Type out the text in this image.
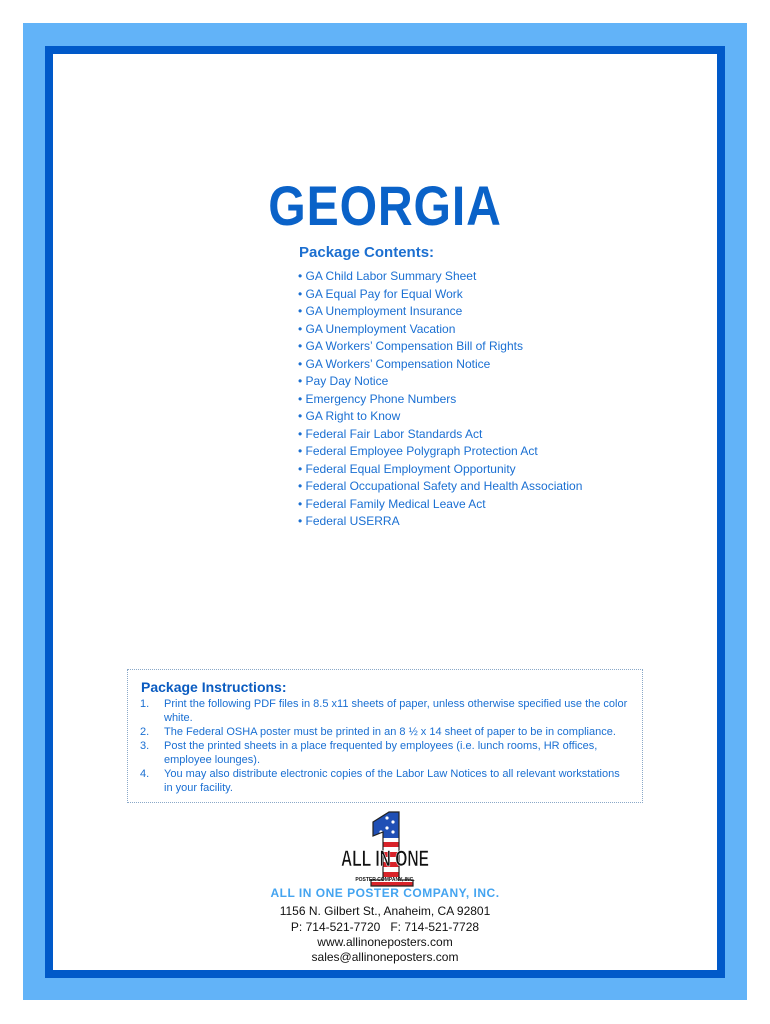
GEORGIA
Package Contents:
• GA Child Labor Summary Sheet
• GA Equal Pay for Equal Work
• GA Unemployment Insurance
• GA Unemployment Vacation
• GA Workers’ Compensation Bill of Rights
• GA Workers’ Compensation Notice
• Pay Day Notice
• Emergency Phone Numbers
• GA Right to Know
• Federal Fair Labor Standards Act
• Federal Employee Polygraph Protection Act
• Federal Equal Employment Opportunity
• Federal Occupational Safety and Health Association
• Federal Family Medical Leave Act
• Federal USERRA
Package Instructions:
1. Print the following PDF files in 8.5 x11 sheets of paper, unless otherwise specified use the color white.
2. The Federal OSHA poster must be printed in an 8 ½ x 14 sheet of paper to be in compliance.
3. Post the printed sheets in a place frequented by employees (i.e. lunch rooms, HR offices, employee lounges).
4. You may also distribute electronic copies of the Labor Law Notices to all relevant workstations in your facility.
ALL IN ONE
POSTER COMPANY, INC.

ALL IN ONE POSTER COMPANY, INC.

1156 N. Gilbert St., Anaheim, CA 92801

P: 714-521-7720   F: 714-521-7728

www.allinoneposters.com

sales@allinoneposters.com
